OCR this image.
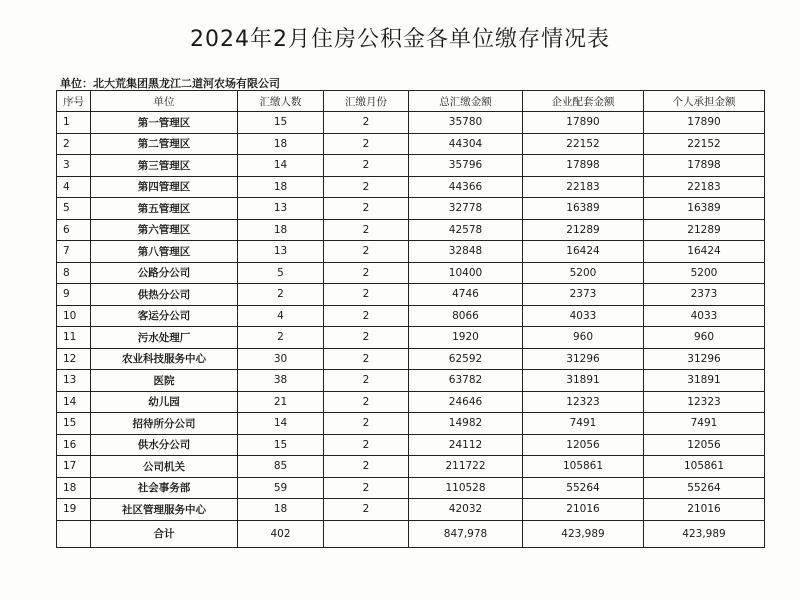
2024年2月住房公积金各单位缴存情况表
单位：北大荒集团黑龙江二道河农场有限公司
序号	单位	汇缴人数	汇缴月份	总汇缴金额	企业配套金额	个人承担金额
1	第一管理区	15	2	35780	17890	17890
2	第二管理区	18	2	44304	22152	22152
3	第三管理区	14	2	35796	17898	17898
4	第四管理区	18	2	44366	22183	22183
5	第五管理区	13	2	32778	16389	16389
6	第六管理区	18	2	42578	21289	21289
7	第八管理区	13	2	32848	16424	16424
8	公路分公司	5	2	10400	5200	5200
9	供热分公司	2	2	4746	2373	2373
10	客运分公司	4	2	8066	4033	4033
11	污水处理厂	2	2	1920	960	960
12	农业科技服务中心	30	2	62592	31296	31296
13	医院	38	2	63782	31891	31891
14	幼儿园	21	2	24646	12323	12323
15	招待所分公司	14	2	14982	7491	7491
16	供水分公司	15	2	24112	12056	12056
17	公司机关	85	2	211722	105861	105861
18	社会事务部	59	2	110528	55264	55264
19	社区管理服务中心	18	2	42032	21016	21016
	合计	402		847,978	423,989	423,989
